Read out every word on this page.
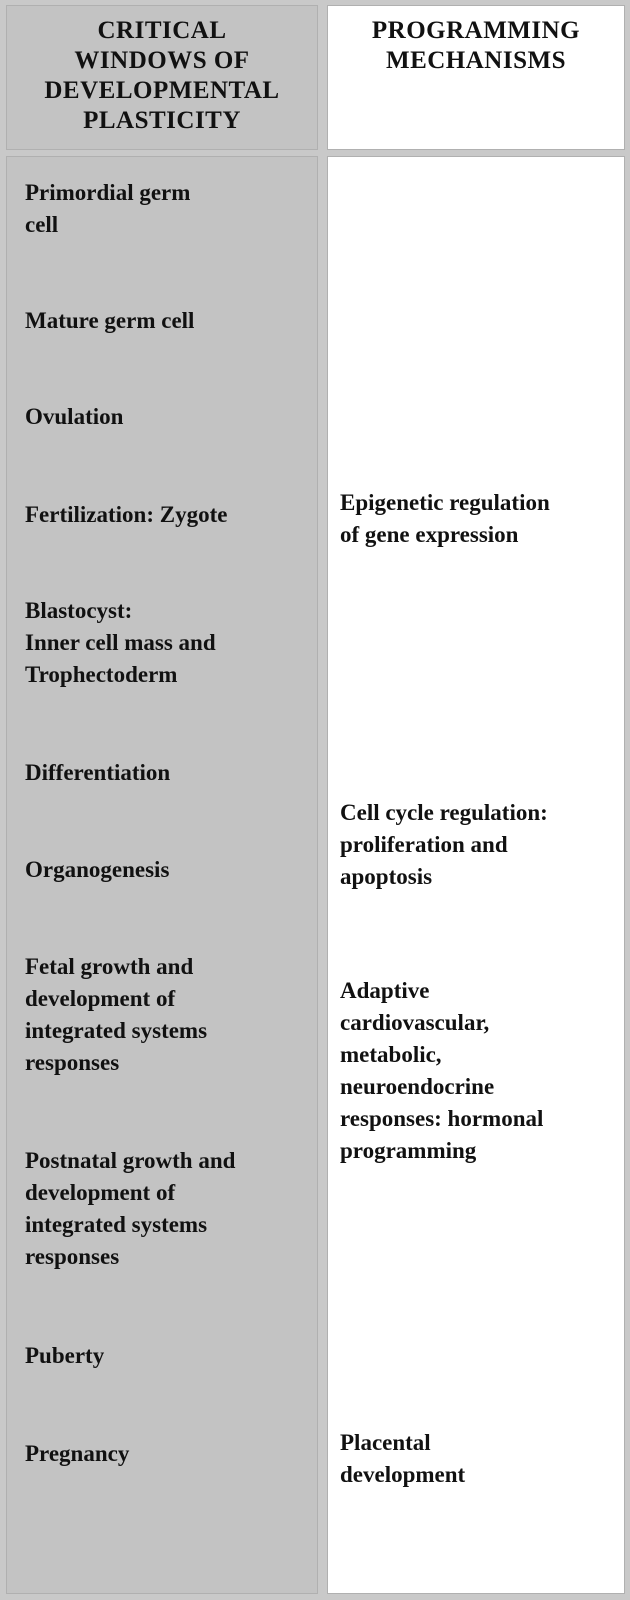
CRITICAL
WINDOWS OF
DEVELOPMENTAL
PLASTICITY
PROGRAMMING
MECHANISMS
Primordial germ
cell
Mature germ cell
Ovulation
Fertilization: Zygote
Blastocyst:
Inner cell mass and
Trophectoderm
Differentiation
Organogenesis
Fetal growth and
development of
integrated systems
responses
Postnatal growth and
development of
integrated systems
responses
Puberty
Pregnancy
Epigenetic regulation
of gene expression
Cell cycle regulation:
proliferation and
apoptosis
Adaptive
cardiovascular,
metabolic,
neuroendocrine
responses: hormonal
programming
Placental
development
